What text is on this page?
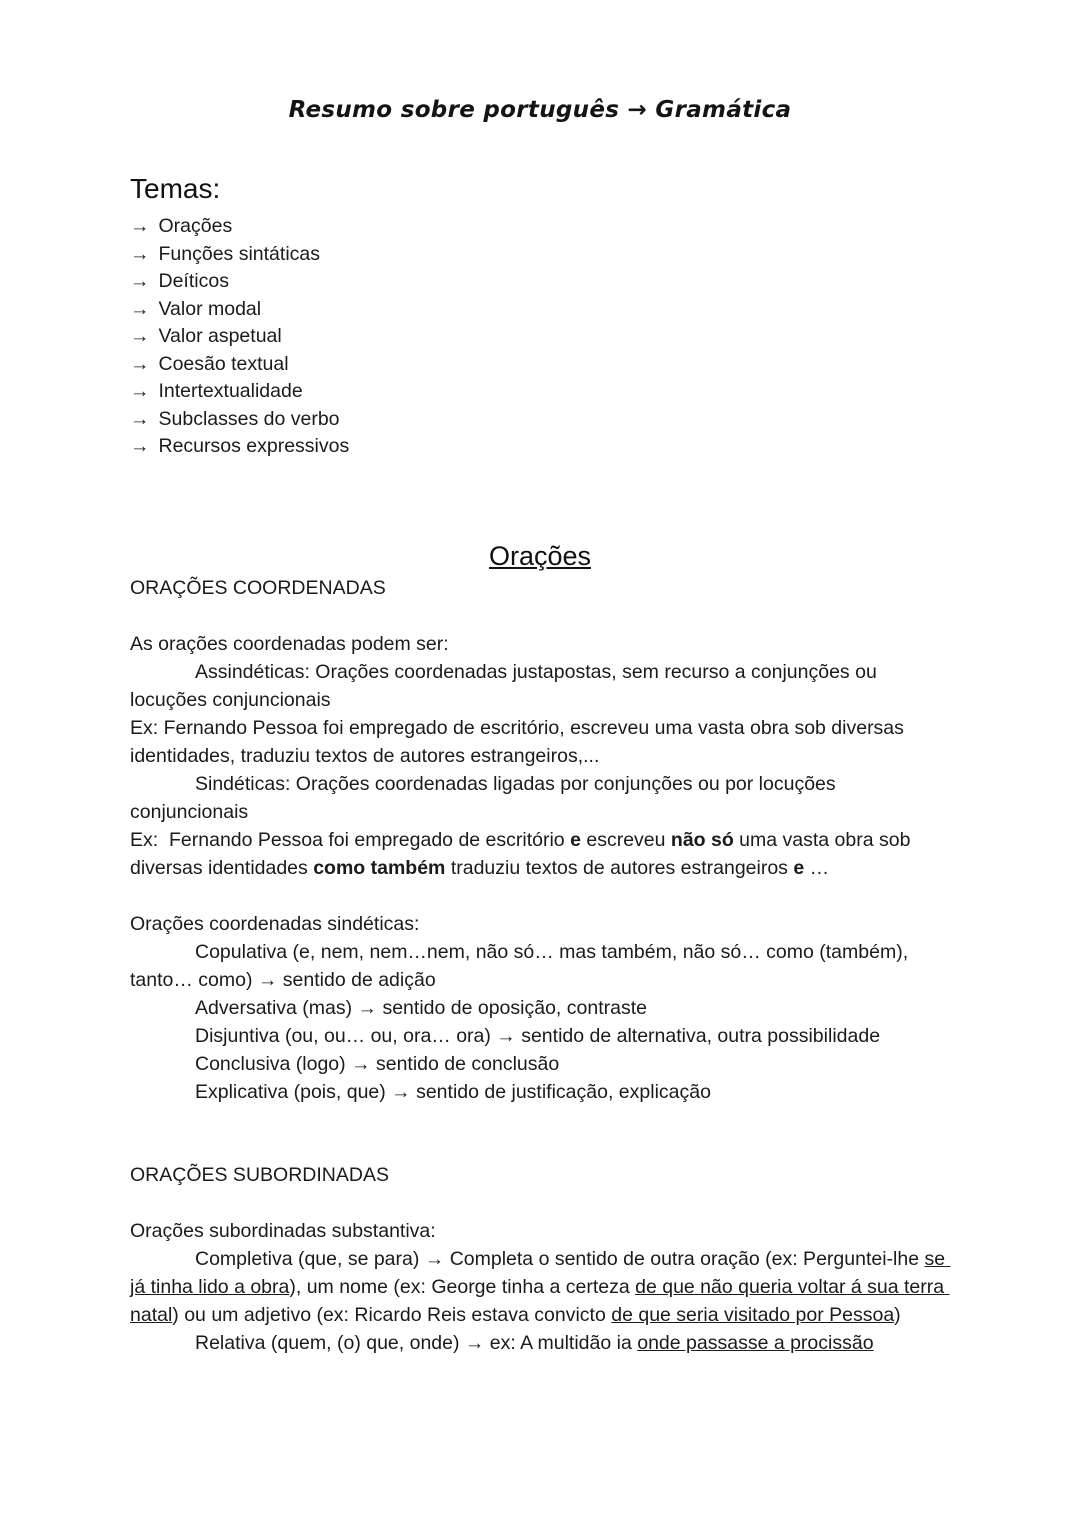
Resumo sobre português → Gramática
Temas:
→ Orações
→ Funções sintáticas
→ Deíticos
→ Valor modal
→ Valor aspetual
→ Coesão textual
→ Intertextualidade
→ Subclasses do verbo
→ Recursos expressivos
Orações
ORAÇÕES COORDENADAS

As orações coordenadas podem ser:

Assindéticas: Orações coordenadas justapostas, sem recurso a conjunções ou locuções conjuncionais

Ex: Fernando Pessoa foi empregado de escritório, escreveu uma vasta obra sob diversas identidades, traduziu textos de autores estrangeiros,...

Sindéticas: Orações coordenadas ligadas por conjunções ou por locuções conjuncionais

Ex:  Fernando Pessoa foi empregado de escritório e escreveu não só uma vasta obra sob diversas identidades como também traduziu textos de autores estrangeiros e …

Orações coordenadas sindéticas:

Copulativa (e, nem, nem…nem, não só… mas também, não só… como (também), tanto… como) → sentido de adição

Adversativa (mas) → sentido de oposição, contraste

Disjuntiva (ou, ou… ou, ora… ora) → sentido de alternativa, outra possibilidade

Conclusiva (logo) → sentido de conclusão

Explicativa (pois, que) → sentido de justificação, explicação

ORAÇÕES SUBORDINADAS

Orações subordinadas substantiva:

Completiva (que, se para) → Completa o sentido de outra oração (ex: Perguntei-lhe se já tinha lido a obra), um nome (ex: George tinha a certeza de que não queria voltar á sua terra natal) ou um adjetivo (ex: Ricardo Reis estava convicto de que seria visitado por Pessoa)

Relativa (quem, (o) que, onde) → ex: A multidão ia onde passasse a procissão
